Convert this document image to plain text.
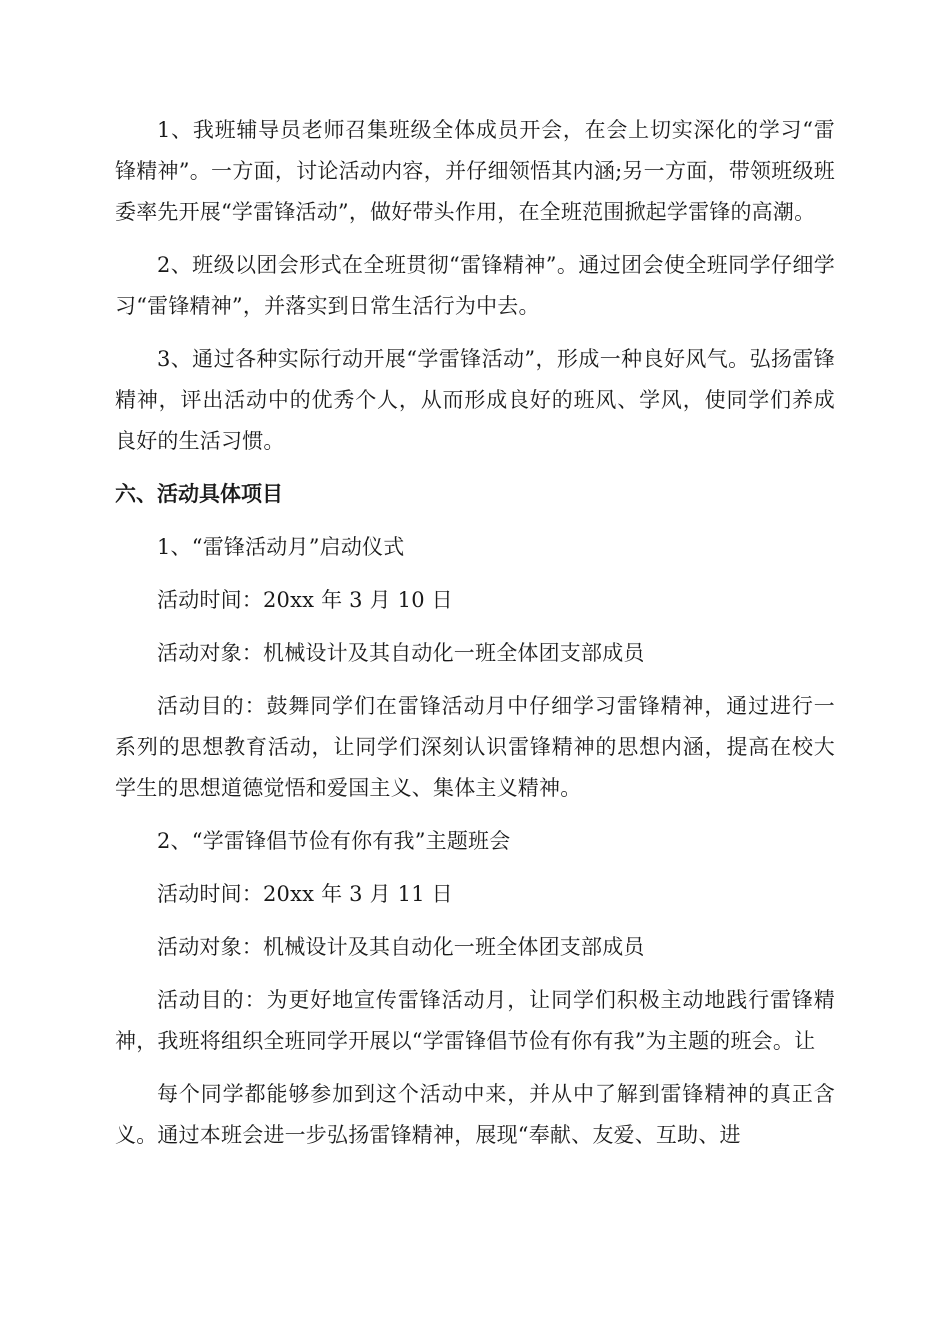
1、我班辅导员老师召集班级全体成员开会，在会上切实深化的学习“雷锋精神”。一方面，讨论活动内容，并仔细领悟其内涵;另一方面，带领班级班委率先开展“学雷锋活动”，做好带头作用，在全班范围掀起学雷锋的高潮。

2、班级以团会形式在全班贯彻“雷锋精神”。通过团会使全班同学仔细学习“雷锋精神”，并落实到日常生活行为中去。

3、通过各种实际行动开展“学雷锋活动”，形成一种良好风气。弘扬雷锋精神，评出活动中的优秀个人，从而形成良好的班风、学风，使同学们养成良好的生活习惯。

六、活动具体项目

1、“雷锋活动月”启动仪式

活动时间：20xx 年 3 月 10 日

活动对象：机械设计及其自动化一班全体团支部成员

活动目的：鼓舞同学们在雷锋活动月中仔细学习雷锋精神，通过进行一系列的思想教育活动，让同学们深刻认识雷锋精神的思想内涵，提高在校大学生的思想道德觉悟和爱国主义、集体主义精神。

2、“学雷锋倡节俭有你有我”主题班会

活动时间：20xx 年 3 月 11 日

活动对象：机械设计及其自动化一班全体团支部成员

活动目的：为更好地宣传雷锋活动月，让同学们积极主动地践行雷锋精神，我班将组织全班同学开展以“学雷锋倡节俭有你有我”为主题的班会。让

每个同学都能够参加到这个活动中来，并从中了解到雷锋精神的真正含义。通过本班会进一步弘扬雷锋精神，展现“奉献、友爱、互助、进
